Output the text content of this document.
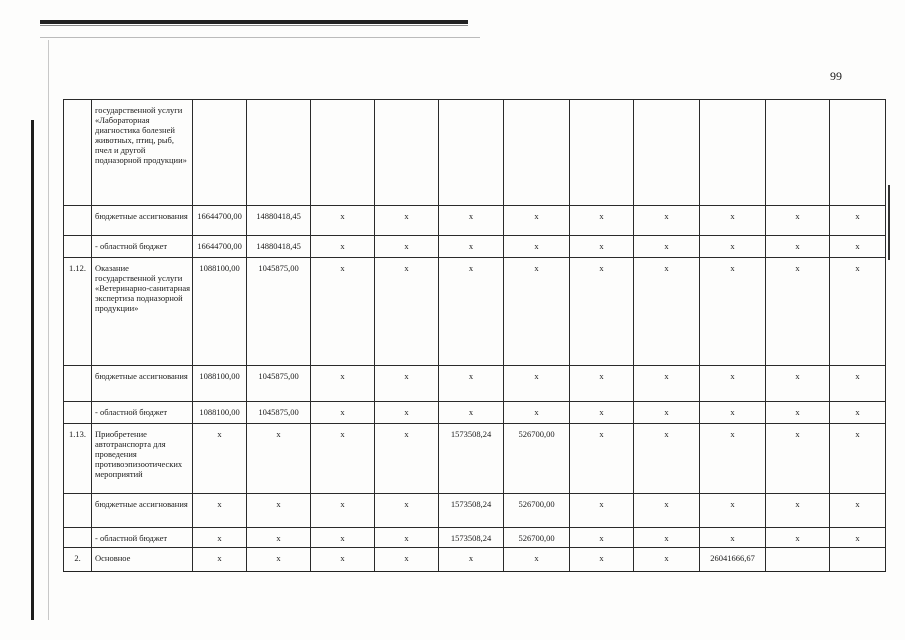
99
	государственной услуги «Лабораторная диагностика болезней животных, птиц, рыб, пчел и другой подназорной продукции»											
	бюджетные ассигнования	16644700,00	14880418,45	x	x	x	x	x	x	x	x	x
	- областной бюджет	16644700,00	14880418,45	x	x	x	x	x	x	x	x	x
1.12.	Оказание государственной услуги «Ветеринарно-санитарная экспертиза подназорной продукции»	1088100,00	1045875,00	x	x	x	x	x	x	x	x	x
	бюджетные ассигнования	1088100,00	1045875,00	x	x	x	x	x	x	x	x	x
	- областной бюджет	1088100,00	1045875,00	x	x	x	x	x	x	x	x	x
1.13.	Приобретение автотранспорта для проведения противоэпизоотических мероприятий	x	x	x	x	1573508,24	526700,00	x	x	x	x	x
	бюджетные ассигнования	x	x	x	x	1573508,24	526700,00	x	x	x	x	x
	- областной бюджет	x	x	x	x	1573508,24	526700,00	x	x	x	x	x
2.	Основное	x	x	x	x	x	x	x	x	26041666,67		
